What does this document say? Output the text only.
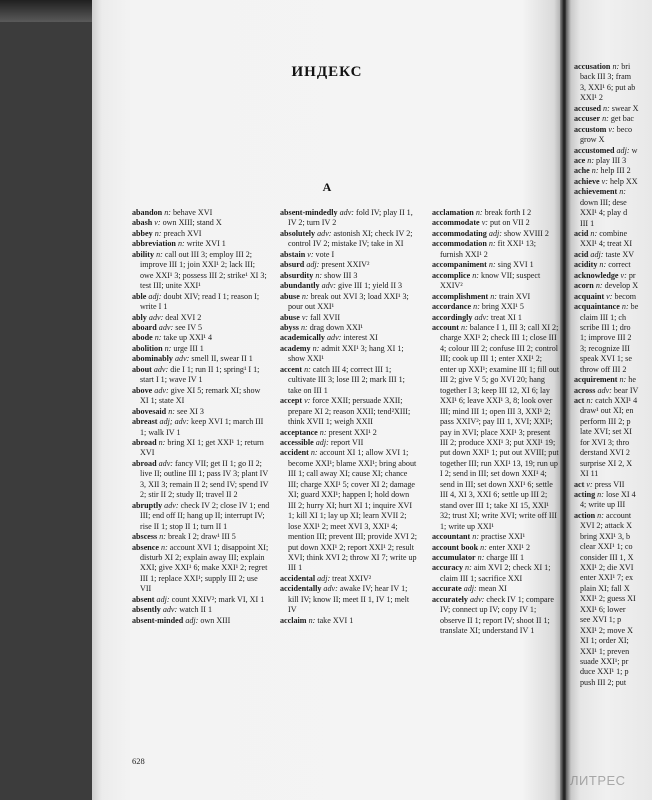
ИНДЕКС
A

abandon n: behave XVI

abash v: own XIII; stand X

abbey n: preach XVI

abbreviation n: write XVI 1

ability n: call out III 3; employ III 2; improve III 1; join XXI¹ 2; lack III; owe XXI¹ 3; possess III 2; strike¹ XI 3; test III; unite XXI¹

able adj: doubt XIV; read I 1; reason I; write I 1

ably adv: deal XVI 2

aboard adv: see IV 5

abode n: take up XXI¹ 4

abolition n: urge III 1

abominably adv: smell II, swear II 1

about adv: die I 1; run II 1; spring¹ I 1; start I 1; wave IV 1

above adv: give XI 5; remark XI; show XI 1; state XI

abovesaid n: see XI 3

abreast adj; adv: keep XVI 1; march III 1; walk IV 1

abroad n: bring XI 1; get XXI¹ 1; return XVI

abroad adv: fancy VII; get II 1; go II 2; live II; outline III 1; pass IV 3; plant IV 3, XII 3; remain II 2; send IV; spend IV 2; stir II 2; study II; travel II 2

abruptly adv: check IV 2; close IV 1; end III; end off II; hang up II; interrupt IV; rise II 1; stop II 1; turn II 1

abscess n: break I 2; draw¹ III 5

absence n: account XVI 1; disappoint XI; disturb XI 2; explain away III; explain XXI; give XXI¹ 6; make XXI¹ 2; regret III 1; replace XXI¹; supply III 2; use VII

absent adj: count XXIV²; mark VI, XI 1

absently adv: watch II 1

absent-minded adj: own XIII

absent-mindedly adv: fold IV; play II 1, IV 2; turn IV 2

absolutely adv: astonish XI; check IV 2; control IV 2; mistake IV; take in XI

abstain v: vote I

absurd adj: present XXIV²

absurdity n: show III 3

abundantly adv: give III 1; yield II 3

abuse n: break out XVI 3; load XXI¹ 3; pour out XXI¹

abuse v: fall XVII

abyss n: drag down XXI¹

academically adv: interest XI

academy n: admit XXI¹ 3; hang XI 1; show XXI¹

accent n: catch III 4; correct III 1; cultivate III 3; lose III 2; mark III 1; take on III 1

accept v: force XXII; persuade XXII; prepare XI 2; reason XXII; tend²XIII; think XVII 1; weigh XXII

acceptance n: present XXI¹ 2

accessible adj: report VII

accident n: account XI 1; allow XVI 1; become XXI¹; blame XXI¹; bring about III 1; call away XI; cause XI; chance III; charge XXI¹ 5; cover XI 2; damage XI; guard XXI¹; happen I; hold down III 2; hurry XI; hurt XI 1; inquire XVI 1; kill XI 1; lay up XI; learn XVII 2; lose XXI¹ 2; meet XVI 3, XXI¹ 4; mention III; prevent III; provide XVI 2; put down XXI¹ 2; report XXI¹ 2; result XVI; think XVI 2; throw XI 7; write up III 1

accidental adj: treat XXIV²

accidentally adv: awake IV; hear IV 1; kill IV; know II; meet II 1, IV 1; melt IV

acclaim n: take XVI 1

acclamation n: break forth I 2

accommodate v: put on VII 2

accommodating adj: show XVIII 2

accommodation n: fit XXI¹ 13; furnish XXI¹ 2

accompaniment n: sing XVI 1

accomplice n: know VII; suspect XXIV²

accomplishment n: train XVI

accordance n: bring XXI¹ 5

accordingly adv: treat XI 1

account n: balance I 1, III 3; call XI 2; charge XXI¹ 2; check III 1; close III 4; colour III 2; confuse III 2; control III; cook up III 1; enter XXI¹ 2; enter up XXI¹; examine III 1; fill out III 2; give V 5; go XVI 20; hang together I 3; keep III 12, XI 6; lay XXI¹ 6; leave XXI¹ 3, 8; look over III; mind III 1; open III 3, XXI¹ 2; pass XXIV²; pay III 1, XVI; XXI¹; pay in XVI; place XXI¹ 3; present III 2; produce XXI¹ 3; put XXI¹ 19; put down XXI¹ 1; put out XVIII; put together III; run XXI¹ 13, 19; run up I 2; send in III; set down XXI¹ 4; send in III; set down XXI¹ 6; settle III 4, XI 3, XXI 6; settle up III 2; stand over III 1; take XI 15, XXI¹ 32; trust XI; write XVI; write off III 1; write up XXI¹

accountant n: practise XXI¹

account book n: enter XXI¹ 2

accumulator n: charge III 1

accuracy n: aim XVI 2; check XI 1; claim III 1; sacrifice XXI

accurate adj: mean XI

accurately adv: check IV 1; compare IV; connect up IV; copy IV 1; observe II 1; report IV; shoot II 1; translate XI; understand IV 1

628

accusation n: bri

back III 3; fram

3, XXI¹ 6; put ab

XXI¹ 2

accused n: swear X

accuser n: get bac

accustom v: beco

grow X

accustomed adj: w

ace n: play III 3

ache n: help III 2

achieve v: help XX

achievement n:

down III; dese

XXI¹ 4; play d

III 1

acid n: combine

XXI¹ 4; treat XI

acid adj: taste XV

acidity n: correct

acknowledge v: pr

acorn n: develop X

acquaint v: becom

acquaintance n: be

claim III 1; ch

scribe III 1; dro

1; improve III 2

3; recognize III

speak XVI 1; se

throw off III 2

acquirement n: he

across adv: bear IV

act n: catch XXI¹ 4

draw¹ out XI; en

perform III 2; p

late XVI; set XI

for XVI 3; thro

derstand XVI 2

surprise XI 2, X

XI 11

act v: press VII

acting n: lose XI 4

4; write up III

action n: account

XVI 2; attack X

bring XXI¹ 3, b

clear XXI¹ 1; co

consider III 1, X

XXI¹ 2; die XVI

enter XXI¹ 7; ex

plain XI; fall X

XXI¹ 2; guess XI

XXI¹ 6; lower

see XVI 1; p

XXI¹ 2; move X

XI 1; order XI;

XXI¹ 1; preven

suade XXI¹; pr

duce XXI¹ 1; p

push III 2; put

ЛИТРЕС
